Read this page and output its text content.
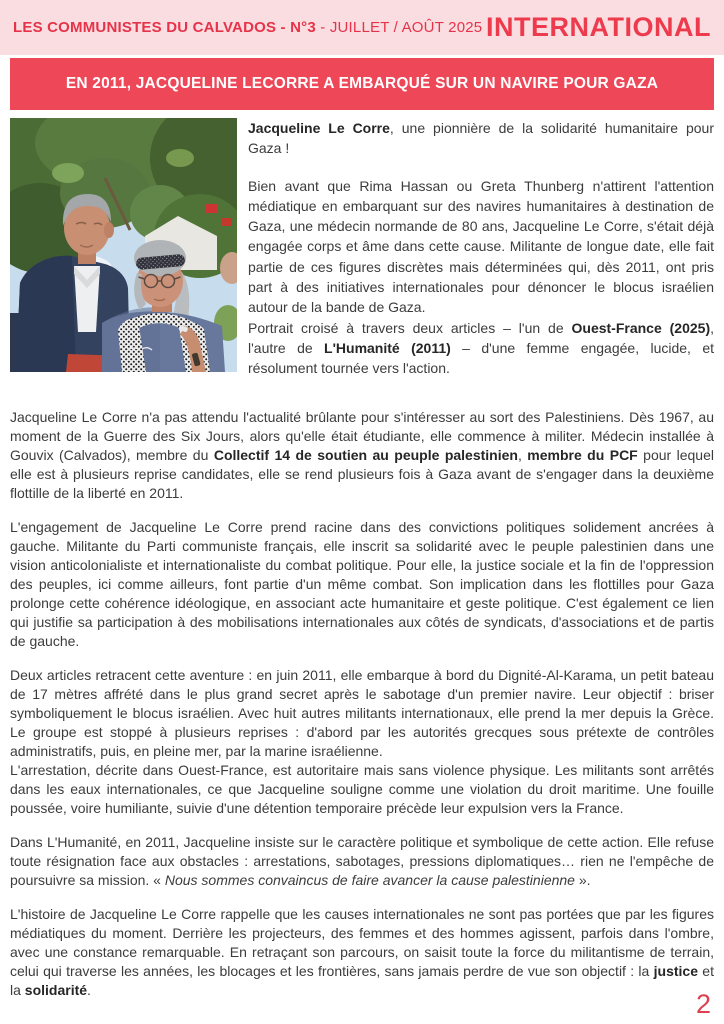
LES COMMUNISTES DU CALVADOS - N°3 - JUILLET / AOÛT 2025 INTERNATIONAL
EN 2011, JACQUELINE LECORRE A EMBARQUÉ SUR UN NAVIRE POUR GAZA

Jacqueline Le Corre, une pionnière de la solidarité humanitaire pour Gaza !

Bien avant que Rima Hassan ou Greta Thunberg n'attirent l'attention médiatique en embarquant sur des navires humanitaires à destination de Gaza, une médecin normande de 80 ans, Jacqueline Le Corre, s'était déjà engagée corps et âme dans cette cause. Militante de longue date, elle fait partie de ces figures discrètes mais déterminées qui, dès 2011, ont pris part à des initiatives internationales pour dénoncer le blocus israélien autour de la bande de Gaza.
Portrait croisé à travers deux articles – l'un de Ouest-France (2025), l'autre de L'Humanité (2011) – d'une femme engagée, lucide, et résolument tournée vers l'action.

Jacqueline Le Corre n'a pas attendu l'actualité brûlante pour s'intéresser au sort des Palestiniens. Dès 1967, au moment de la Guerre des Six Jours, alors qu'elle était étudiante, elle commence à militer. Médecin installée à Gouvix (Calvados), membre du Collectif 14 de soutien au peuple palestinien, membre du PCF pour lequel elle est à plusieurs reprise candidates, elle se rend plusieurs fois à Gaza avant de s'engager dans la deuxième flottille de la liberté en 2011.

L'engagement de Jacqueline Le Corre prend racine dans des convictions politiques solidement ancrées à gauche. Militante du Parti communiste français, elle inscrit sa solidarité avec le peuple palestinien dans une vision anticolonialiste et internationaliste du combat politique. Pour elle, la justice sociale et la fin de l'oppression des peuples, ici comme ailleurs, font partie d'un même combat. Son implication dans les flottilles pour Gaza prolonge cette cohérence idéologique, en associant acte humanitaire et geste politique. C'est également ce lien qui justifie sa participation à des mobilisations internationales aux côtés de syndicats, d'associations et de partis de gauche.

Deux articles retracent cette aventure : en juin 2011, elle embarque à bord du Dignité-Al-Karama, un petit bateau de 17 mètres affrété dans le plus grand secret après le sabotage d'un premier navire. Leur objectif : briser symboliquement le blocus israélien. Avec huit autres militants internationaux, elle prend la mer depuis la Grèce. Le groupe est stoppé à plusieurs reprises : d'abord par les autorités grecques sous prétexte de contrôles administratifs, puis, en pleine mer, par la marine israélienne.
L'arrestation, décrite dans Ouest-France, est autoritaire mais sans violence physique. Les militants sont arrêtés dans les eaux internationales, ce que Jacqueline souligne comme une violation du droit maritime. Une fouille poussée, voire humiliante, suivie d'une détention temporaire précède leur expulsion vers la France.

Dans L'Humanité, en 2011, Jacqueline insiste sur le caractère politique et symbolique de cette action. Elle refuse toute résignation face aux obstacles : arrestations, sabotages, pressions diplomatiques… rien ne l'empêche de poursuivre sa mission. « Nous sommes convaincus de faire avancer la cause palestinienne ».

L'histoire de Jacqueline Le Corre rappelle que les causes internationales ne sont pas portées que par les figures médiatiques du moment. Derrière les projecteurs, des femmes et des hommes agissent, parfois dans l'ombre, avec une constance remarquable. En retraçant son parcours, on saisit toute la force du militantisme de terrain, celui qui traverse les années, les blocages et les frontières, sans jamais perdre de vue son objectif : la justice et la solidarité.	2
